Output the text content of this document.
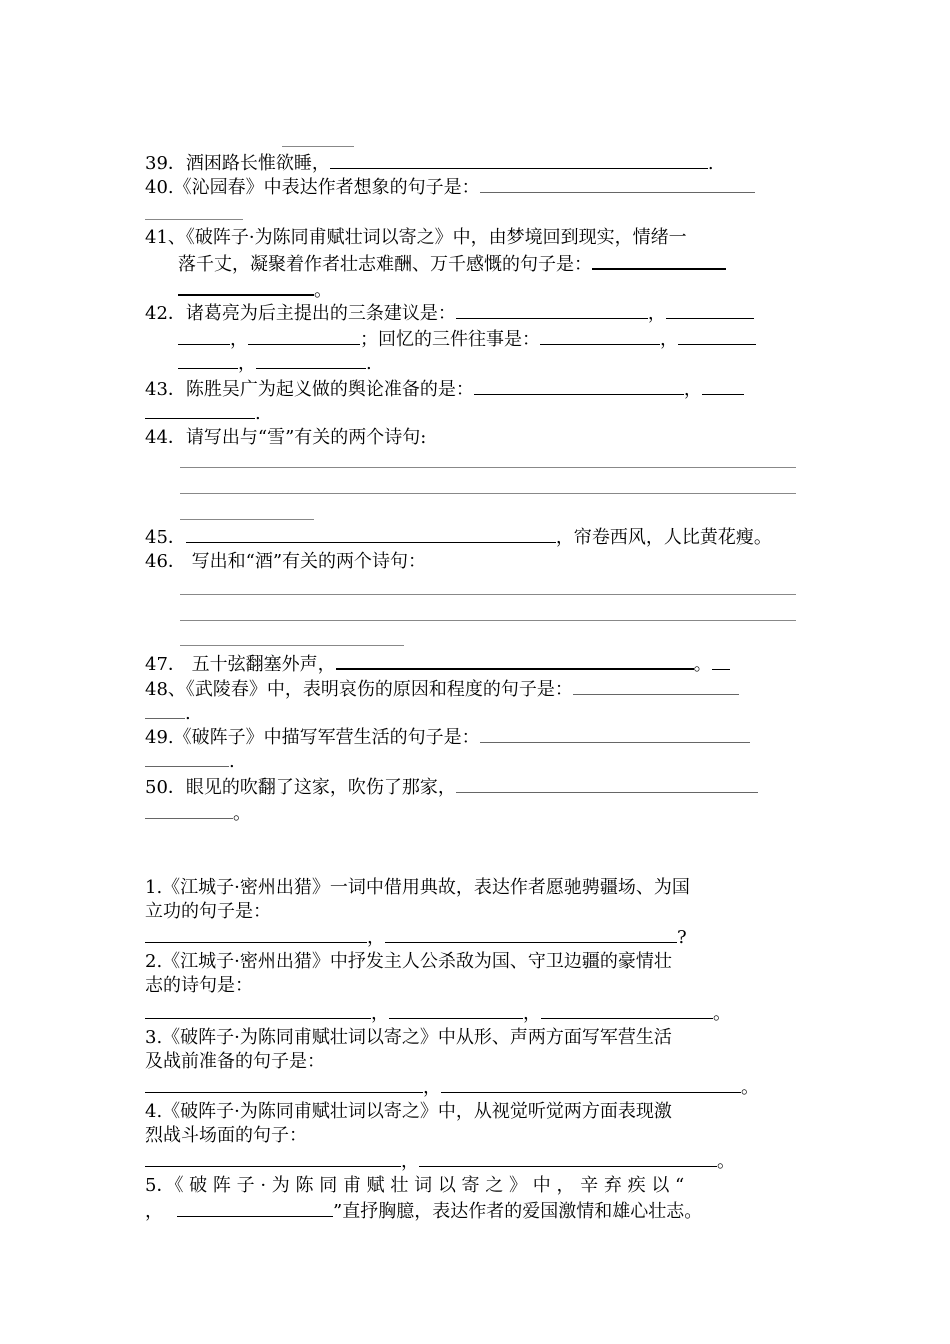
39．酒困路长惟欲睡，	.
40.《沁园春》中表达作者想象的句子是：
41、《破阵子·为陈同甫赋壮词以寄之》中，由梦境回到现实，情绪一
落千丈，凝聚着作者壮志难酬、万千感慨的句子是：
。
42．诸葛亮为后主提出的三条建议是：	，
，	；回忆的三件往事是：	，
，	.
43．陈胜吴广为起义做的舆论准备的是：	，
.
44．请写出与“雪”有关的两个诗句:
45．	，帘卷西风，人比黄花瘦。
46． 写出和“酒”有关的两个诗句：
47． 五十弦翻塞外声，	。
48、《武陵春》中，表明哀伤的原因和程度的句子是：
.
49.《破阵子》中描写军营生活的句子是：
.
50．眼见的吹翻了这家，吹伤了那家，
。
1.《江城子·密州出猎》一词中借用典故，表达作者愿驰骋疆场、为国
立功的句子是：
，	?
2.《江城子·密州出猎》中抒发主人公杀敌为国、守卫边疆的豪情壮
志的诗句是：
，	，	。
3.《破阵子·为陈同甫赋壮词以寄之》中从形、声两方面写军营生活
及战前准备的句子是：
，	。
4.《破阵子·为陈同甫赋壮词以寄之》中，从视觉听觉两方面表现激
烈战斗场面的句子：
，	。
5．《 破 阵 子 · 为 陈 同 甫 赋 壮 词 以 寄 之 》 中 ， 辛 弃 疾 以 “
，	”直抒胸臆，表达作者的爱国激情和雄心壮志。
